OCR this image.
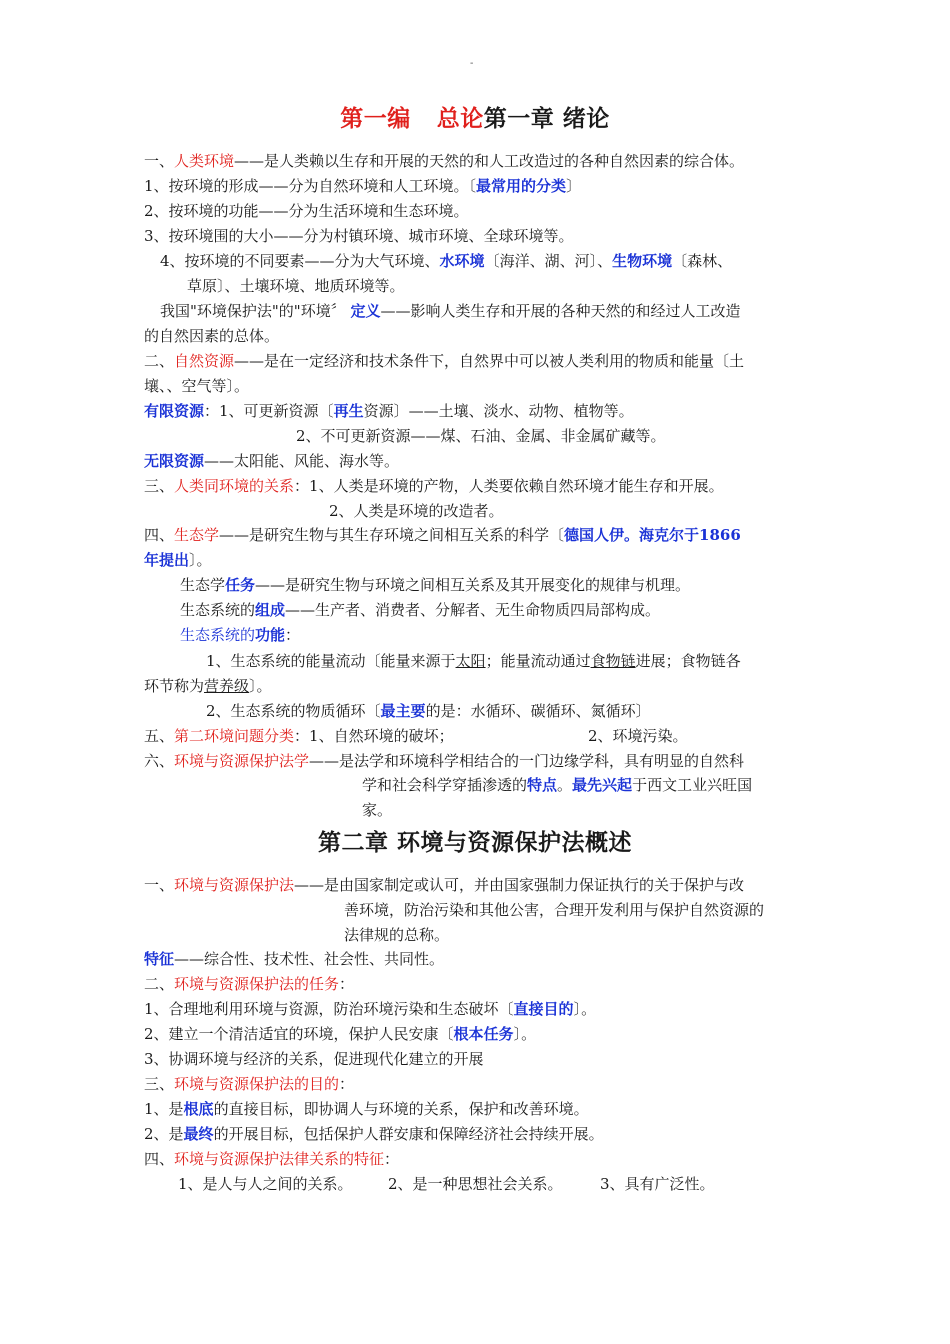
-
第一编 总论第一章 绪论
一、人类环境——是人类赖以生存和开展的天然的和人工改造过的各种自然因素的综合体。
1、按环境的形成——分为自然环境和人工环境。〔最常用的分类〕
2、按环境的功能——分为生活环境和生态环境。
3、按环境围的大小——分为村镇环境、城市环境、全球环境等。
4、按环境的不同要素——分为大气环境、水环境〔海洋、湖、河〕、生物环境〔森林、
草原〕、土壤环境、地质环境等。
我国"环境保护法"的"环境〞 定义——影响人类生存和开展的各种天然的和经过人工改造
的自然因素的总体。
二、自然资源——是在一定经济和技术条件下，自然界中可以被人类利用的物质和能量〔土
壤、、空气等〕。
有限资源：1、可更新资源〔再生资源〕——土壤、淡水、动物、植物等。
2、不可更新资源——煤、石油、金属、非金属矿藏等。
无限资源——太阳能、风能、海水等。
三、人类同环境的关系：1、人类是环境的产物，人类要依赖自然环境才能生存和开展。
2、人类是环境的改造者。
四、生态学——是研究生物与其生存环境之间相互关系的科学〔德国人伊。海克尔于1866
年提出〕。
生态学任务——是研究生物与环境之间相互关系及其开展变化的规律与机理。
生态系统的组成——生产者、消费者、分解者、无生命物质四局部构成。
生态系统的功能：
1、生态系统的能量流动〔能量来源于太阳；能量流动通过食物链进展；食物链各
环节称为营养级〕。
2、生态系统的物质循环〔最主要的是：水循环、碳循环、氮循环〕
五、第二环境问题分类：1、自然环境的破坏；	2、环境污染。
六、环境与资源保护法学——是法学和环境科学相结合的一门边缘学科，具有明显的自然科
学和社会科学穿插渗透的特点。最先兴起于西文工业兴旺国
家。
第二章 环境与资源保护法概述
一、环境与资源保护法——是由国家制定或认可，并由国家强制力保证执行的关于保护与改
善环境，防治污染和其他公害，合理开发利用与保护自然资源的
法律规的总称。
特征——综合性、技术性、社会性、共同性。
二、环境与资源保护法的任务：
1、合理地利用环境与资源，防治环境污染和生态破坏〔直接目的〕。
2、建立一个清洁适宜的环境，保护人民安康〔根本任务〕。
3、协调环境与经济的关系，促进现代化建立的开展
三、环境与资源保护法的目的：
1、是根底的直接目标，即协调人与环境的关系，保护和改善环境。
2、是最终的开展目标，包括保护人群安康和保障经济社会持续开展。
四、环境与资源保护法律关系的特征：
1、是人与人之间的关系。 2、是一种思想社会关系。 3、具有广泛性。
